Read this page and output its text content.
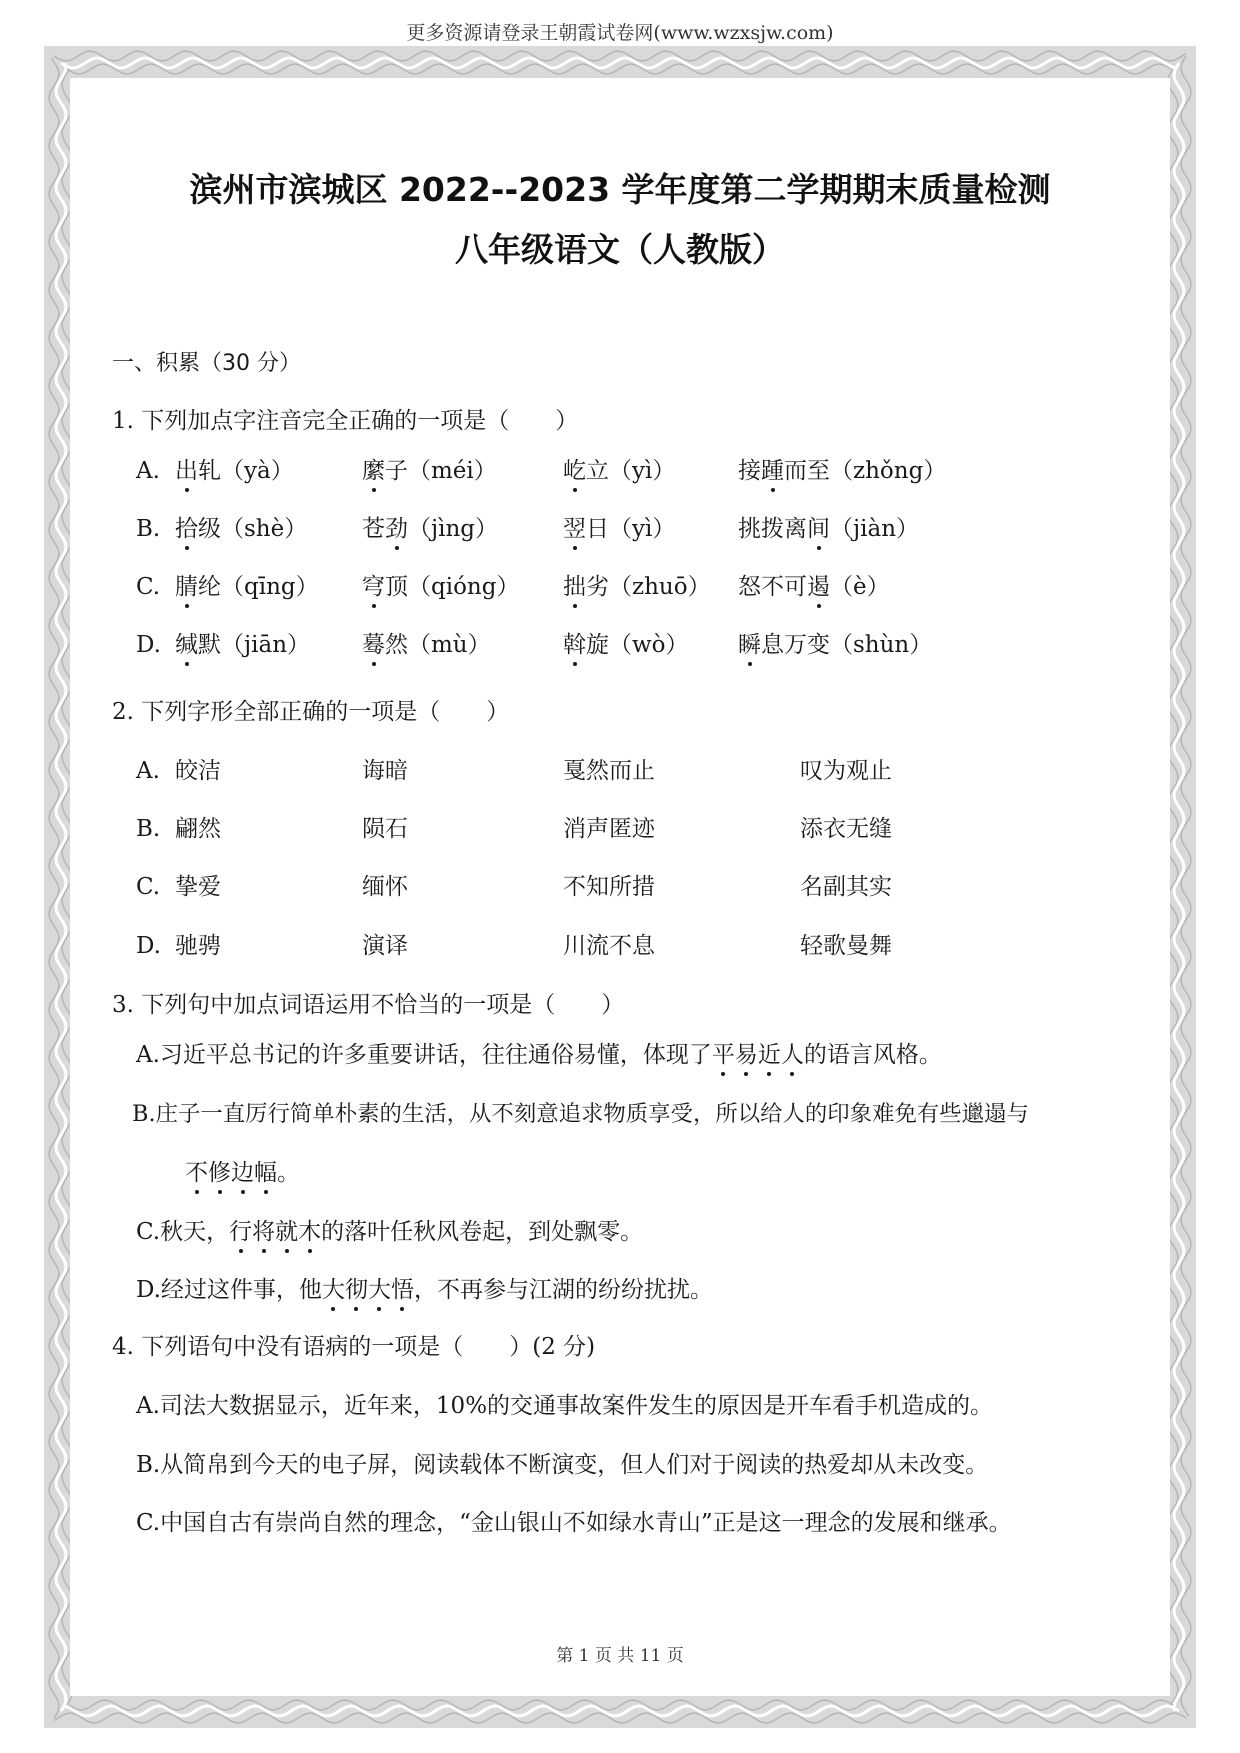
更多资源请登录王朝霞试卷网(www.wzxsjw.com)
滨州市滨城区 2022--2023 学年度第二学期期末质量检测
八年级语文（人教版）
一、积累（30 分）
1. 下列加点字注音完全正确的一项是（　　）
A. 出轧（yà）	縻子（méi）	屹立（yì）	接踵而至（zhǒng）
B. 拾级（shè） 苍劲（jìng）	翌日（yì）	挑拨离间（jiàn）
C. 腈纶（qīng） 穹顶（qióng） 拙劣（zhuō） 怒不可遏（è）
D. 缄默（jiān） 蓦然（mù）	斡旋（wò） 瞬息万变（shùn）
2. 下列字形全部正确的一项是（　　）
A. 皎洁	诲暗	戛然而止	叹为观止
B. 翩然	陨石	消声匿迹	添衣无缝
C. 挚爱	缅怀	不知所措	名副其实
D. 驰骋	演译	川流不息	轻歌曼舞
3. 下列句中加点词语运用不恰当的一项是（　　）
A.习近平总书记的许多重要讲话，往往通俗易懂，体现了平易近人的语言风格。
B.庄子一直厉行简单朴素的生活，从不刻意追求物质享受，所以给人的印象难免有些邋遢与
不修边幅。
C.秋天，行将就木的落叶任秋风卷起，到处飘零。
D.经过这件事，他大彻大悟，不再参与江湖的纷纷扰扰。
4. 下列语句中没有语病的一项是（　　）(2 分)
A.司法大数据显示，近年来，10%的交通事故案件发生的原因是开车看手机造成的。
B.从简帛到今天的电子屏，阅读载体不断演变，但人们对于阅读的热爱却从未改变。
C.中国自古有崇尚自然的理念，“金山银山不如绿水青山”正是这一理念的发展和继承。
第 1 页 共 11 页
